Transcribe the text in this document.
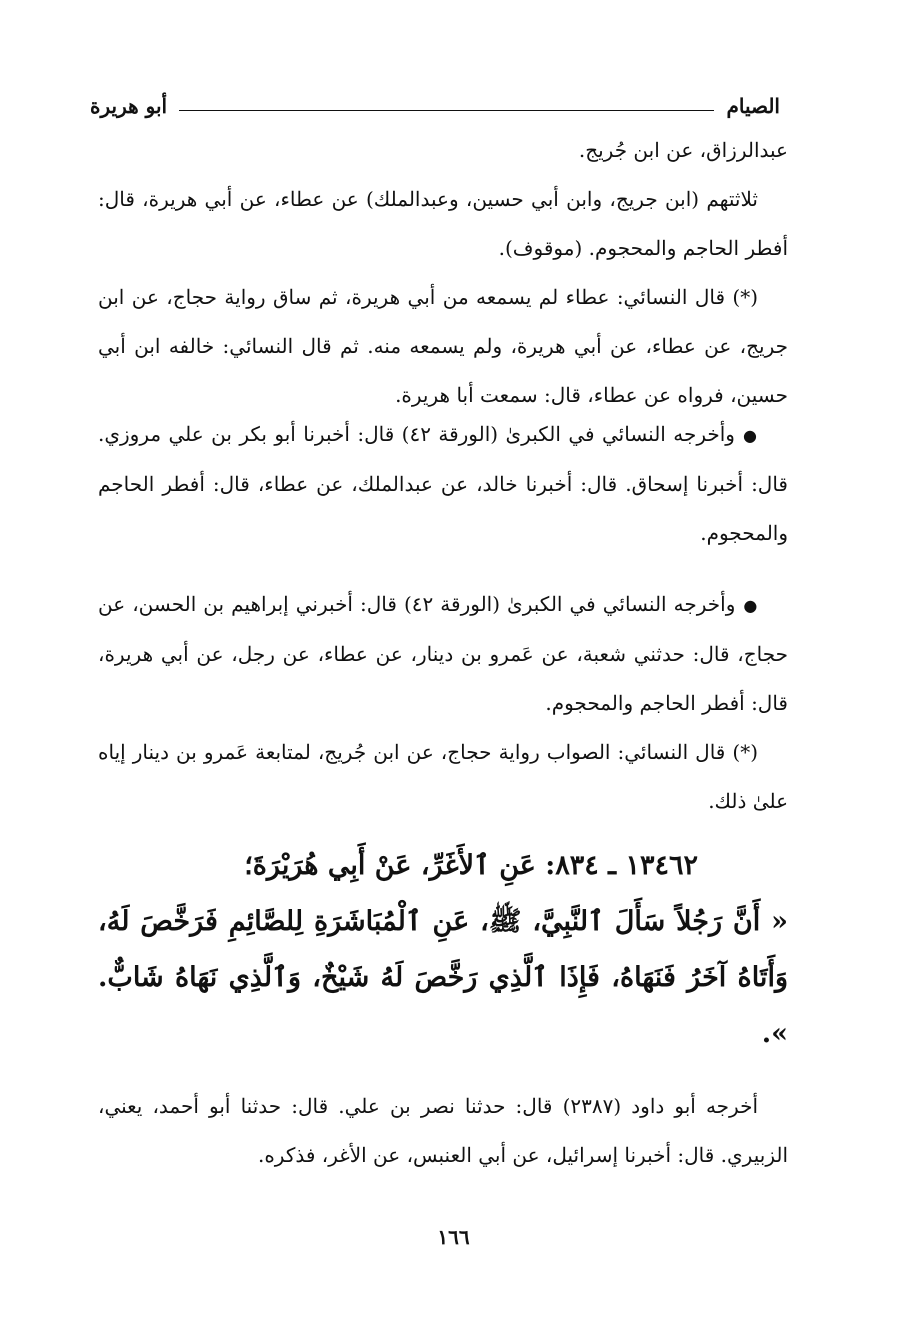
الصيام
أبو هريرة

عبدالرزاق، عن ابن جُريج.

ثلاثتهم (ابن جريج، وابن أبي حسين، وعبدالملك) عن عطاء، عن أبي هريرة، قال: أفطر الحاجم والمحجوم. (موقوف).

(*) قال النسائي: عطاء لم يسمعه من أبي هريرة، ثم ساق رواية حجاج، عن ابن جريج، عن عطاء، عن أبي هريرة، ولم يسمعه منه. ثم قال النسائي: خالفه ابن أبي حسين، فرواه عن عطاء، قال: سمعت أبا هريرة.

● وأخرجه النسائي في الكبرىٰ (الورقة ٤٢) قال: أخبرنا أبو بكر بن علي مروزي. قال: أخبرنا إسحاق. قال: أخبرنا خالد، عن عبدالملك، عن عطاء، قال: أفطر الحاجم والمحجوم.

● وأخرجه النسائي في الكبرىٰ (الورقة ٤٢) قال: أخبرني إبراهيم بن الحسن، عن حجاج، قال: حدثني شعبة، عن عَمرو بن دينار، عن عطاء، عن رجل، عن أبي هريرة، قال: أفطر الحاجم والمحجوم.

(*) قال النسائي: الصواب رواية حجاج، عن ابن جُريج، لمتابعة عَمرو بن دينار إياه علىٰ ذلك.

١٣٤٦٢ ـ ٨٣٤: عَنِ ٱلأَغَرِّ، عَنْ أَبِي هُرَيْرَةَ؛
« أَنَّ رَجُلاً سَأَلَ ٱلنَّبِيَّ، ﷺ، عَنِ ٱلْمُبَاشَرَةِ لِلصَّائِمِ فَرَخَّصَ لَهُ، وَأَتَاهُ آخَرُ فَنَهَاهُ، فَإِذَا ٱلَّذِي رَخَّصَ لَهُ شَيْخٌ، وَٱلَّذِي نَهَاهُ شَابٌّ. ».

أخرجه أبو داود (٢٣٨٧) قال: حدثنا نصر بن علي. قال: حدثنا أبو أحمد، يعني، الزبيري. قال: أخبرنا إسرائيل، عن أبي العنبس، عن الأغر، فذكره.

١٦٦
